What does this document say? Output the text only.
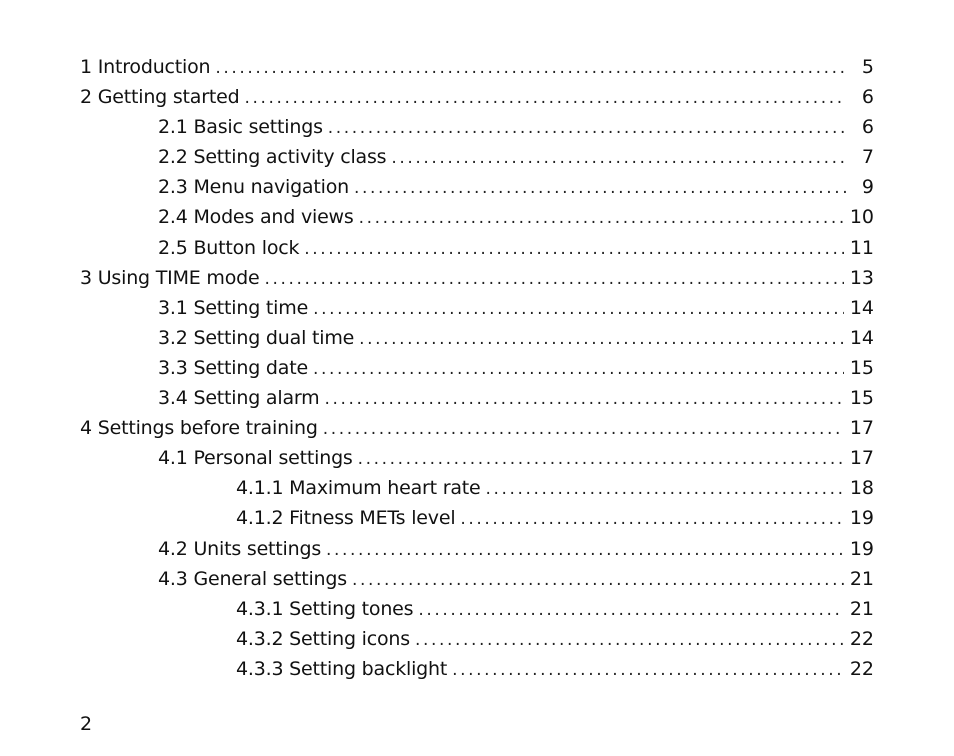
1 Introduction .....	5
2 Getting started .....	6
2.1 Basic settings .....	6
2.2 Setting activity class .....	7
2.3 Menu navigation .....	9
2.4 Modes and views .....	10
2.5 Button lock .....	11
3 Using TIME mode .....	13
3.1 Setting time .....	14
3.2 Setting dual time .....	14
3.3 Setting date .....	15
3.4 Setting alarm .....	15
4 Settings before training .....	17
4.1 Personal settings .....	17
4.1.1 Maximum heart rate .....	18
4.1.2 Fitness METs level .....	19
4.2 Units settings .....	19
4.3 General settings .....	21
4.3.1 Setting tones .....	21
4.3.2 Setting icons .....	22
4.3.3 Setting backlight .....	22
2
